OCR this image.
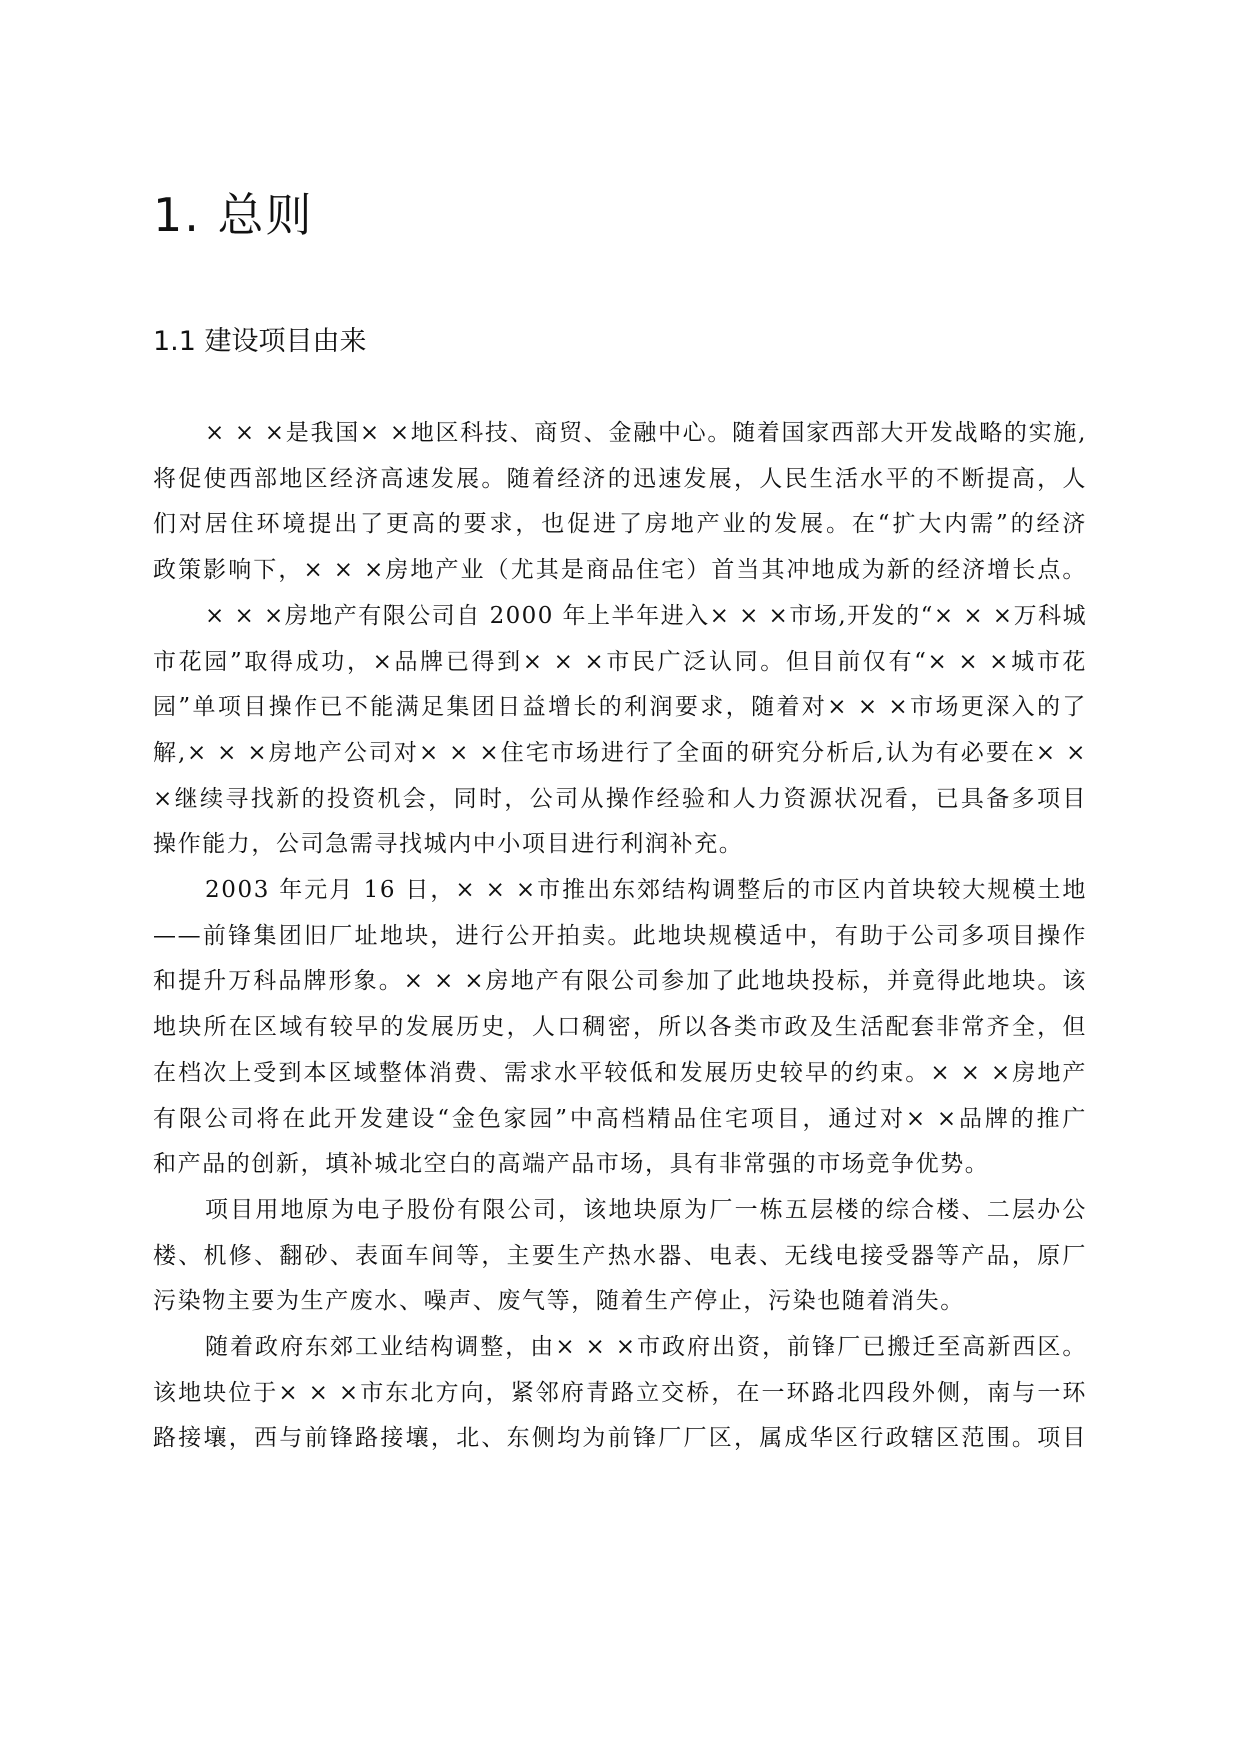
1. 总则
1.1 建设项目由来

× × ×是我国× ×地区科技、商贸、金融中心。随着国家西部大开发战略的实施,
将促使西部地区经济高速发展。随着经济的迅速发展，人民生活水平的不断提高，人
们对居住环境提出了更高的要求，也促进了房地产业的发展。在“扩大内需”的经济
政策影响下，× × ×房地产业（尤其是商品住宅）首当其冲地成为新的经济增长点。

× × ×房地产有限公司自 2000 年上半年进入× × ×市场,开发的“× × ×万科城
市花园”取得成功，×品牌已得到× × ×市民广泛认同。但目前仅有“× × ×城市花
园”单项目操作已不能满足集团日益增长的利润要求，随着对× × ×市场更深入的了
解,× × ×房地产公司对× × ×住宅市场进行了全面的研究分析后,认为有必要在× ×
×继续寻找新的投资机会，同时，公司从操作经验和人力资源状况看，已具备多项目
操作能力，公司急需寻找城内中小项目进行利润补充。

2003 年元月 16 日，× × ×市推出东郊结构调整后的市区内首块较大规模土地
——前锋集团旧厂址地块，进行公开拍卖。此地块规模适中，有助于公司多项目操作
和提升万科品牌形象。× × ×房地产有限公司参加了此地块投标，并竟得此地块。该
地块所在区域有较早的发展历史，人口稠密，所以各类市政及生活配套非常齐全，但
在档次上受到本区域整体消费、需求水平较低和发展历史较早的约束。× × ×房地产
有限公司将在此开发建设“金色家园”中高档精品住宅项目，通过对× ×品牌的推广
和产品的创新，填补城北空白的高端产品市场，具有非常强的市场竞争优势。

项目用地原为电子股份有限公司，该地块原为厂一栋五层楼的综合楼、二层办公
楼、机修、翻砂、表面车间等，主要生产热水器、电表、无线电接受器等产品，原厂
污染物主要为生产废水、噪声、废气等，随着生产停止，污染也随着消失。

随着政府东郊工业结构调整，由× × ×市政府出资，前锋厂已搬迁至高新西区。
该地块位于× × ×市东北方向，紧邻府青路立交桥，在一环路北四段外侧，南与一环
路接壤，西与前锋路接壤，北、东侧均为前锋厂厂区，属成华区行政辖区范围。项目
